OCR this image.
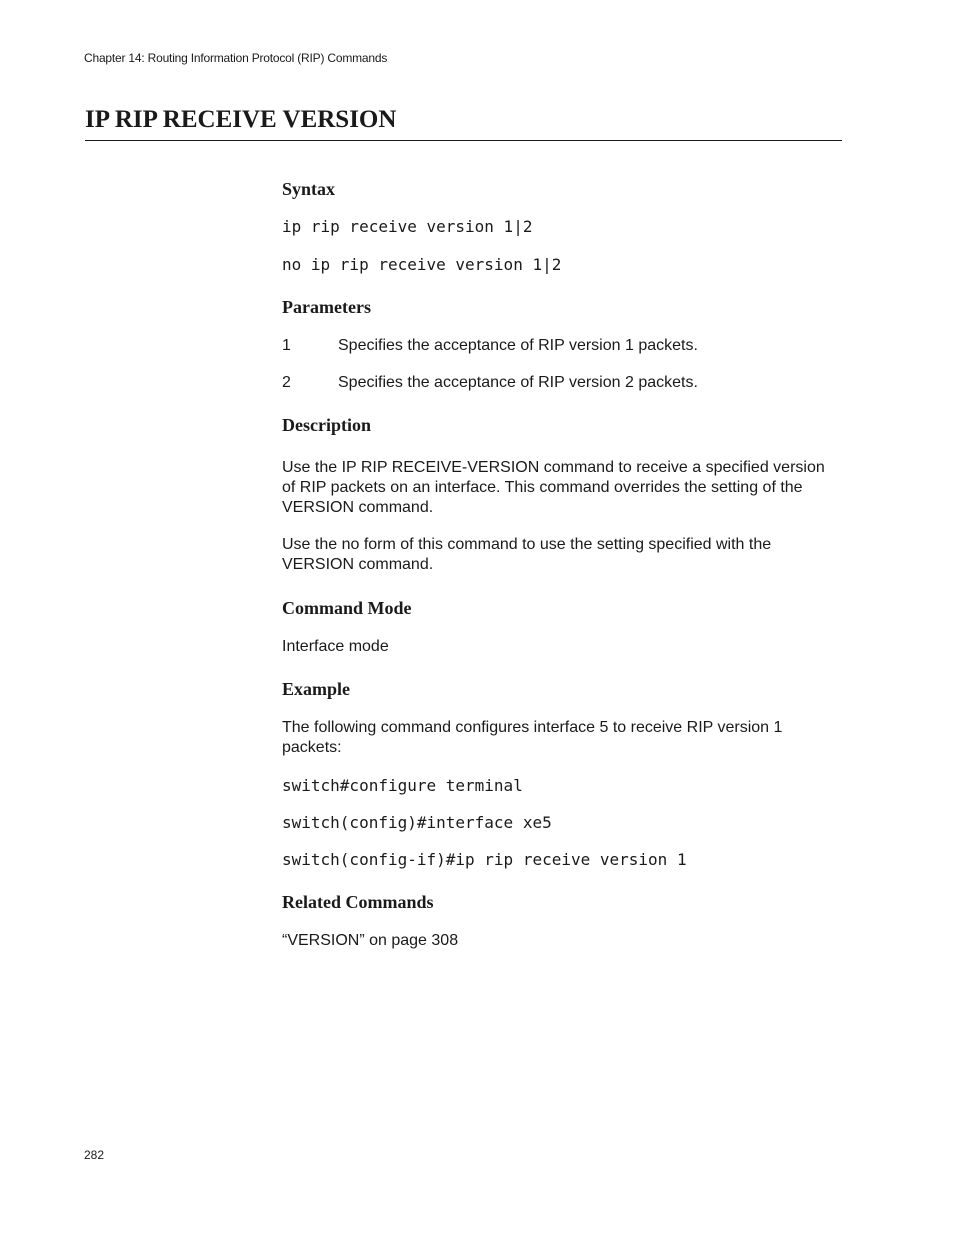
Chapter 14: Routing Information Protocol (RIP) Commands
IP RIP RECEIVE VERSION
Syntax
ip rip receive version 1|2
no ip rip receive version 1|2
Parameters
1	Specifies the acceptance of RIP version 1 packets.
2	Specifies the acceptance of RIP version 2 packets.
Description

Use the IP RIP RECEIVE-VERSION command to receive a specified version of RIP packets on an interface. This command overrides the setting of the VERSION command.

Use the no form of this command to use the setting specified with the VERSION command.

Command Mode

Interface mode

Example

The following command configures interface 5 to receive RIP version 1 packets:

switch#configure terminal
switch(config)#interface xe5
switch(config-if)#ip rip receive version 1
Related Commands

“VERSION” on page 308

282
